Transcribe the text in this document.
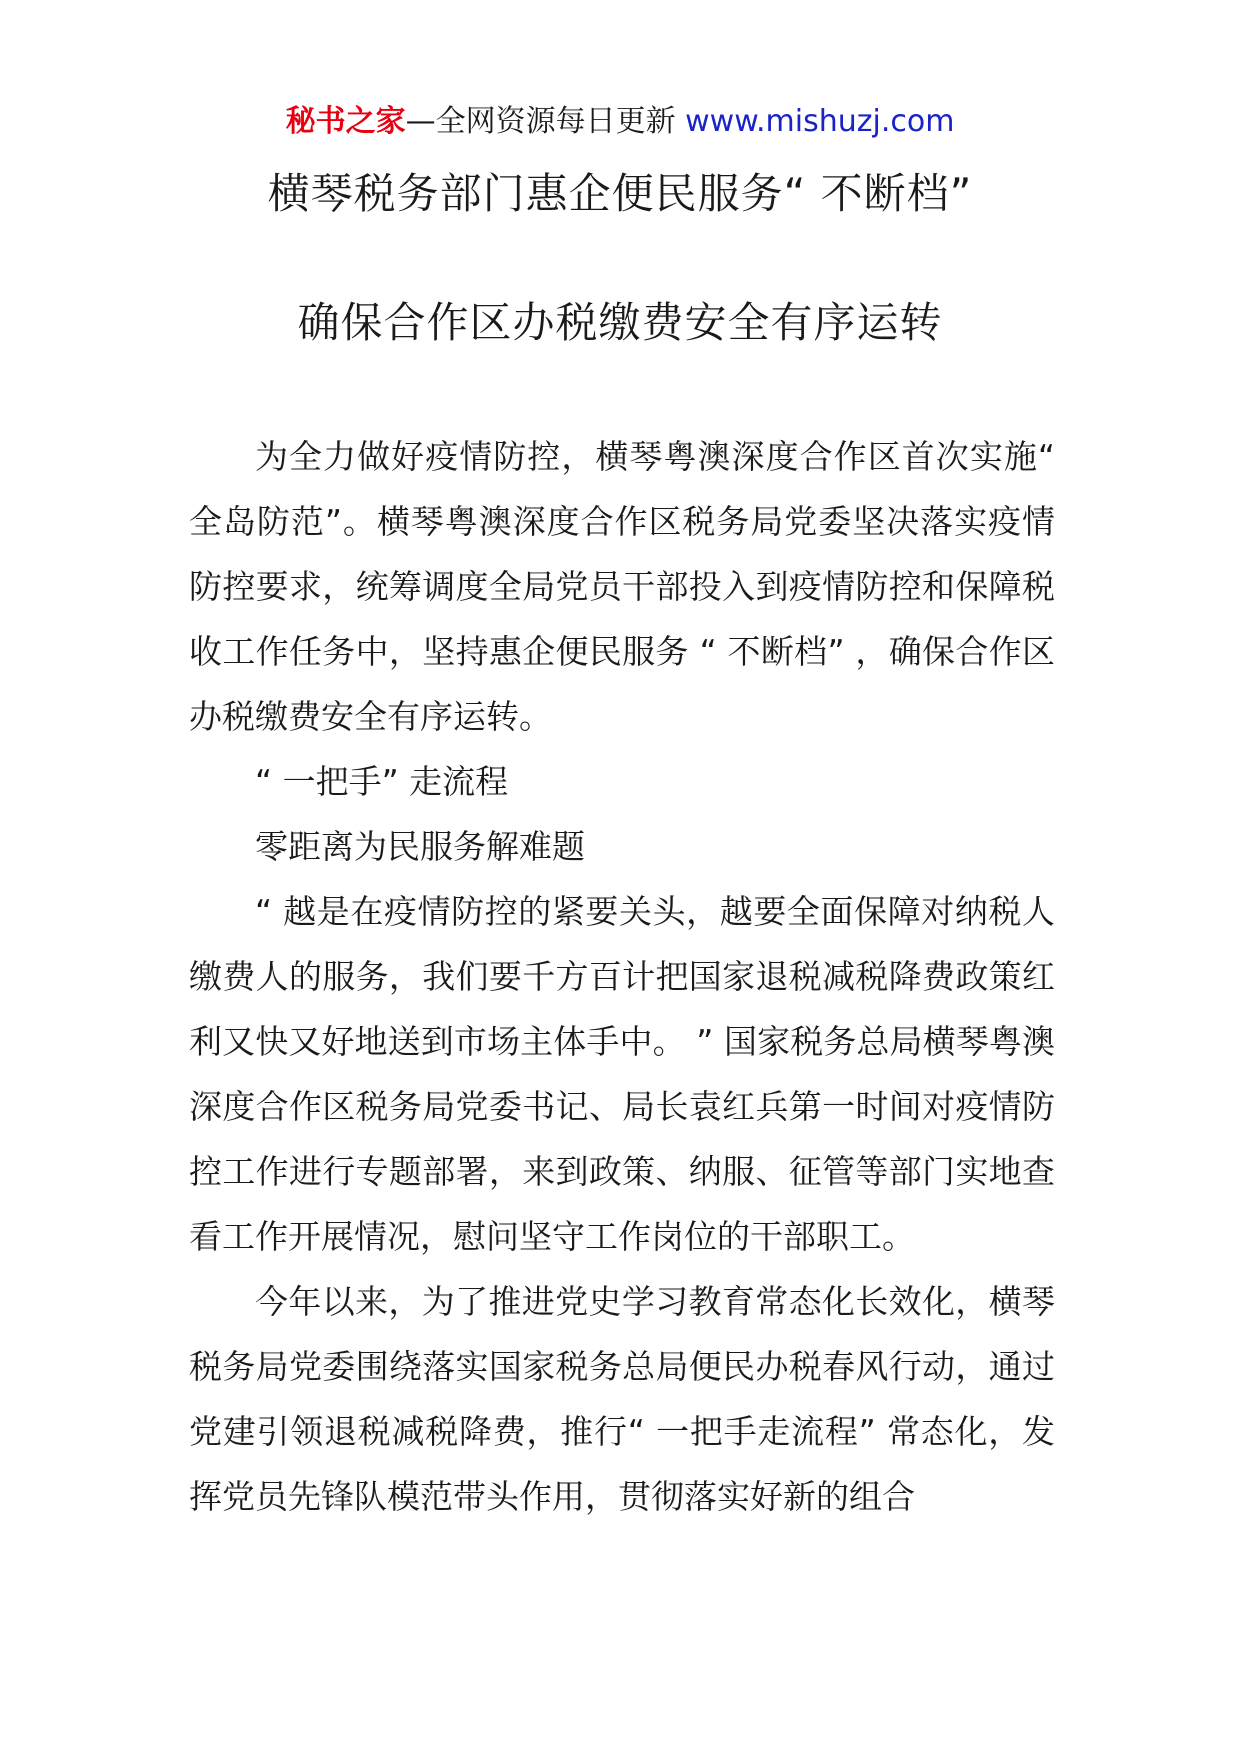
秘书之家—全网资源每日更新 www.mishuzj.com
横琴税务部门惠企便民服务“ 不断档”
确保合作区办税缴费安全有序运转

为全力做好疫情防控，横琴粤澳深度合作区首次实施“ 全岛防范”。横琴粤澳深度合作区税务局党委坚决落实疫情防控要求，统筹调度全局党员干部投入到疫情防控和保障税收工作任务中，坚持惠企便民服务 “ 不断档” ，确保合作区办税缴费安全有序运转。

“ 一把手” 走流程

零距离为民服务解难题

“ 越是在疫情防控的紧要关头，越要全面保障对纳税人缴费人的服务，我们要千方百计把国家退税减税降费政策红利又快又好地送到市场主体手中。 ” 国家税务总局横琴粤澳深度合作区税务局党委书记、局长袁红兵第一时间对疫情防控工作进行专题部署，来到政策、纳服、征管等部门实地查看工作开展情况，慰问坚守工作岗位的干部职工。

今年以来，为了推进党史学习教育常态化长效化，横琴税务局党委围绕落实国家税务总局便民办税春风行动，通过党建引领退税减税降费，推行“ 一把手走流程” 常态化，发挥党员先锋队模范带头作用，贯彻落实好新的组合
